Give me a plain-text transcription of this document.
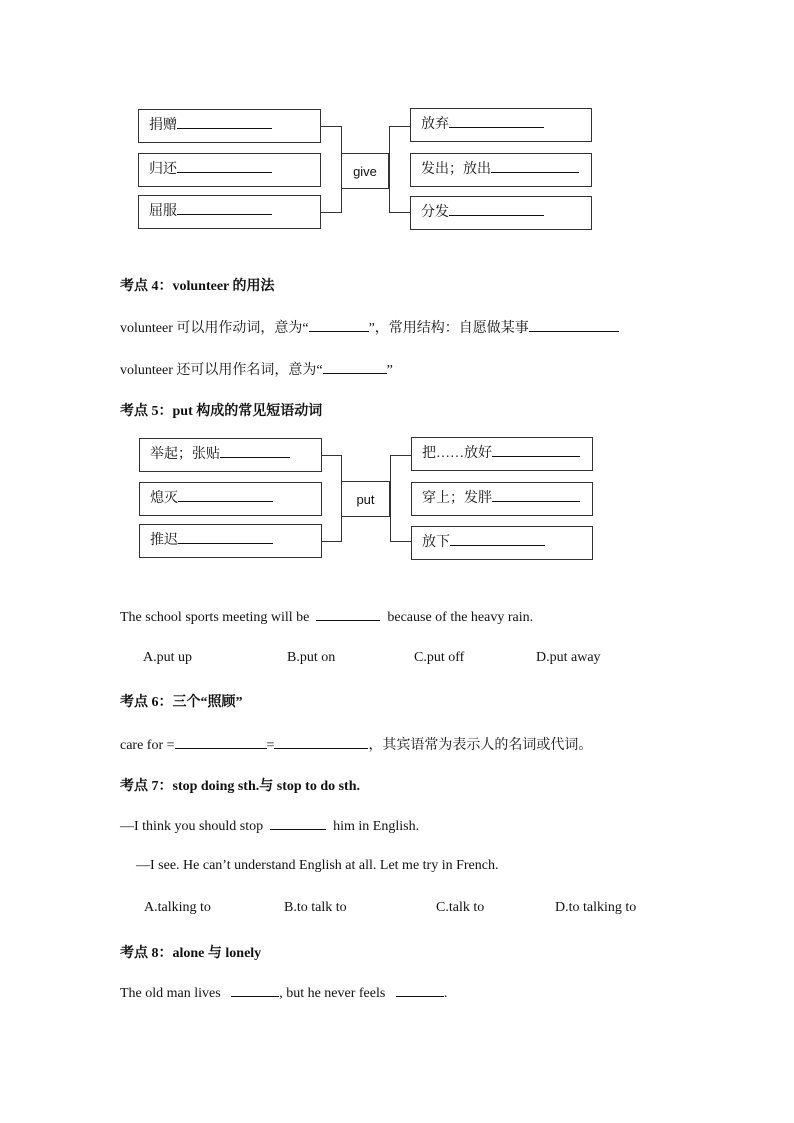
捐赠
归还
屈服
give
放弃
发出；放出
分发
考点 4：volunteer 的用法
volunteer 可以用作动词，意为“	”，常用结构：自愿做某事
volunteer 还可以用作名词，意为“	”
考点 5：put 构成的常见短语动词
举起；张贴
熄灭
推迟
put
把……放好
穿上；发胖
放下
The school sports meeting will be	because of the heavy rain.
A.put up	B.put on	C.put off	D.put away
考点 6：三个“照顾”
care for =	=	，其宾语常为表示人的名词或代词。
考点 7：stop doing sth.与 stop to do sth.
—I think you should stop	him in English.
—I see. He can’t understand English at all. Let me try in French.
A.talking to	B.to talk to	C.talk to	D.to talking to
考点 8：alone 与 lonely
The old man lives	, but he never feels	.
